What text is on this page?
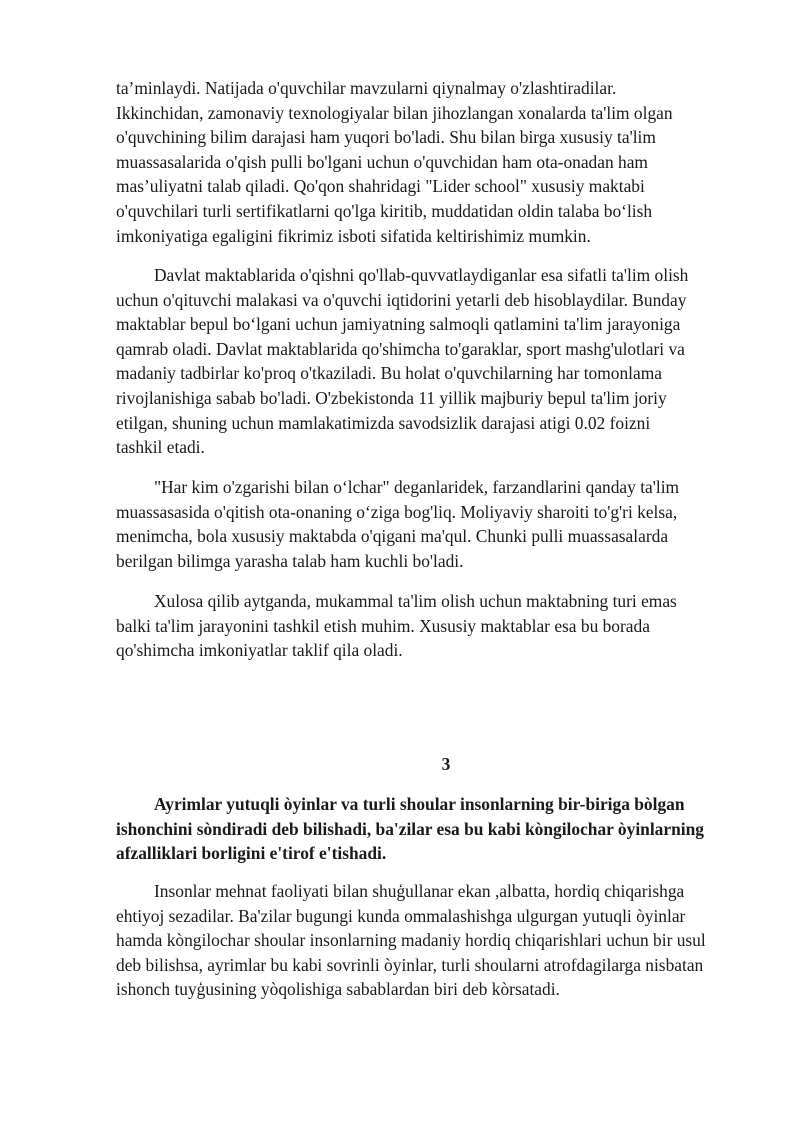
ta’minlaydi. Natijada o'quvchilar mavzularni qiynalmay o'zlashtiradilar. Ikkinchidan, zamonaviy texnologiyalar bilan jihozlangan xonalarda ta'lim olgan o'quvchining bilim darajasi ham yuqori bo'ladi. Shu bilan birga xususiy ta'lim muassasalarida o'qish pulli bo'lgani uchun o'quvchidan ham ota-onadan ham mas’uliyatni talab qiladi. Qo'qon shahridagi "Lider school" xususiy maktabi o'quvchilari turli sertifikatlarni qo'lga kiritib, muddatidan oldin talaba bo‘lish imkoniyatiga egaligini fikrimiz isboti sifatida keltirishimiz mumkin.

Davlat maktablarida o'qishni qo'llab-quvvatlaydiganlar esa sifatli ta'lim olish uchun o'qituvchi malakasi va o'quvchi iqtidorini yetarli deb hisoblaydilar. Bunday maktablar bepul bo‘lgani uchun jamiyatning salmoqli qatlamini ta'lim jarayoniga qamrab oladi. Davlat maktablarida qo'shimcha to'garaklar, sport mashg'ulotlari va madaniy tadbirlar ko'proq o'tkaziladi. Bu holat o'quvchilarning har tomonlama rivojlanishiga sabab bo'ladi. O'zbekistonda 11 yillik majburiy bepul ta'lim joriy etilgan, shuning uchun mamlakatimizda savodsizlik darajasi atigi 0.02 foizni tashkil etadi.

"Har kim o'zgarishi bilan o‘lchar" deganlaridek, farzandlarini qanday ta'lim muassasasida o'qitish ota-onaning o‘ziga bog'liq. Moliyaviy sharoiti to'g'ri kelsa, menimcha, bola xususiy maktabda o'qigani ma'qul. Chunki pulli muassasalarda berilgan bilimga yarasha talab ham kuchli bo'ladi.

Xulosa qilib aytganda, mukammal ta'lim olish uchun maktabning turi emas balki ta'lim jarayonini tashkil etish muhim. Xususiy maktablar esa bu borada qo'shimcha imkoniyatlar taklif qila oladi.

3

Ayrimlar yutuqli òyinlar va turli shoular insonlarning bir-biriga bòlgan ishonchini sòndiradi deb bilishadi, ba'zilar esa bu kabi kòngilochar òyinlarning afzalliklari borligini e'tirof e'tishadi.

Insonlar mehnat faoliyati bilan shuģullanar ekan ,albatta, hordiq chiqarishga ehtiyoj sezadilar. Ba'zilar bugungi kunda ommalashishga ulgurgan yutuqli òyinlar hamda kòngilochar shoular insonlarning madaniy hordiq chiqarishlari uchun bir usul deb bilishsa, ayrimlar bu kabi sovrinli òyinlar, turli shoularni atrofdagilarga nisbatan ishonch tuyģusining yòqolishiga sabablardan biri deb kòrsatadi.
